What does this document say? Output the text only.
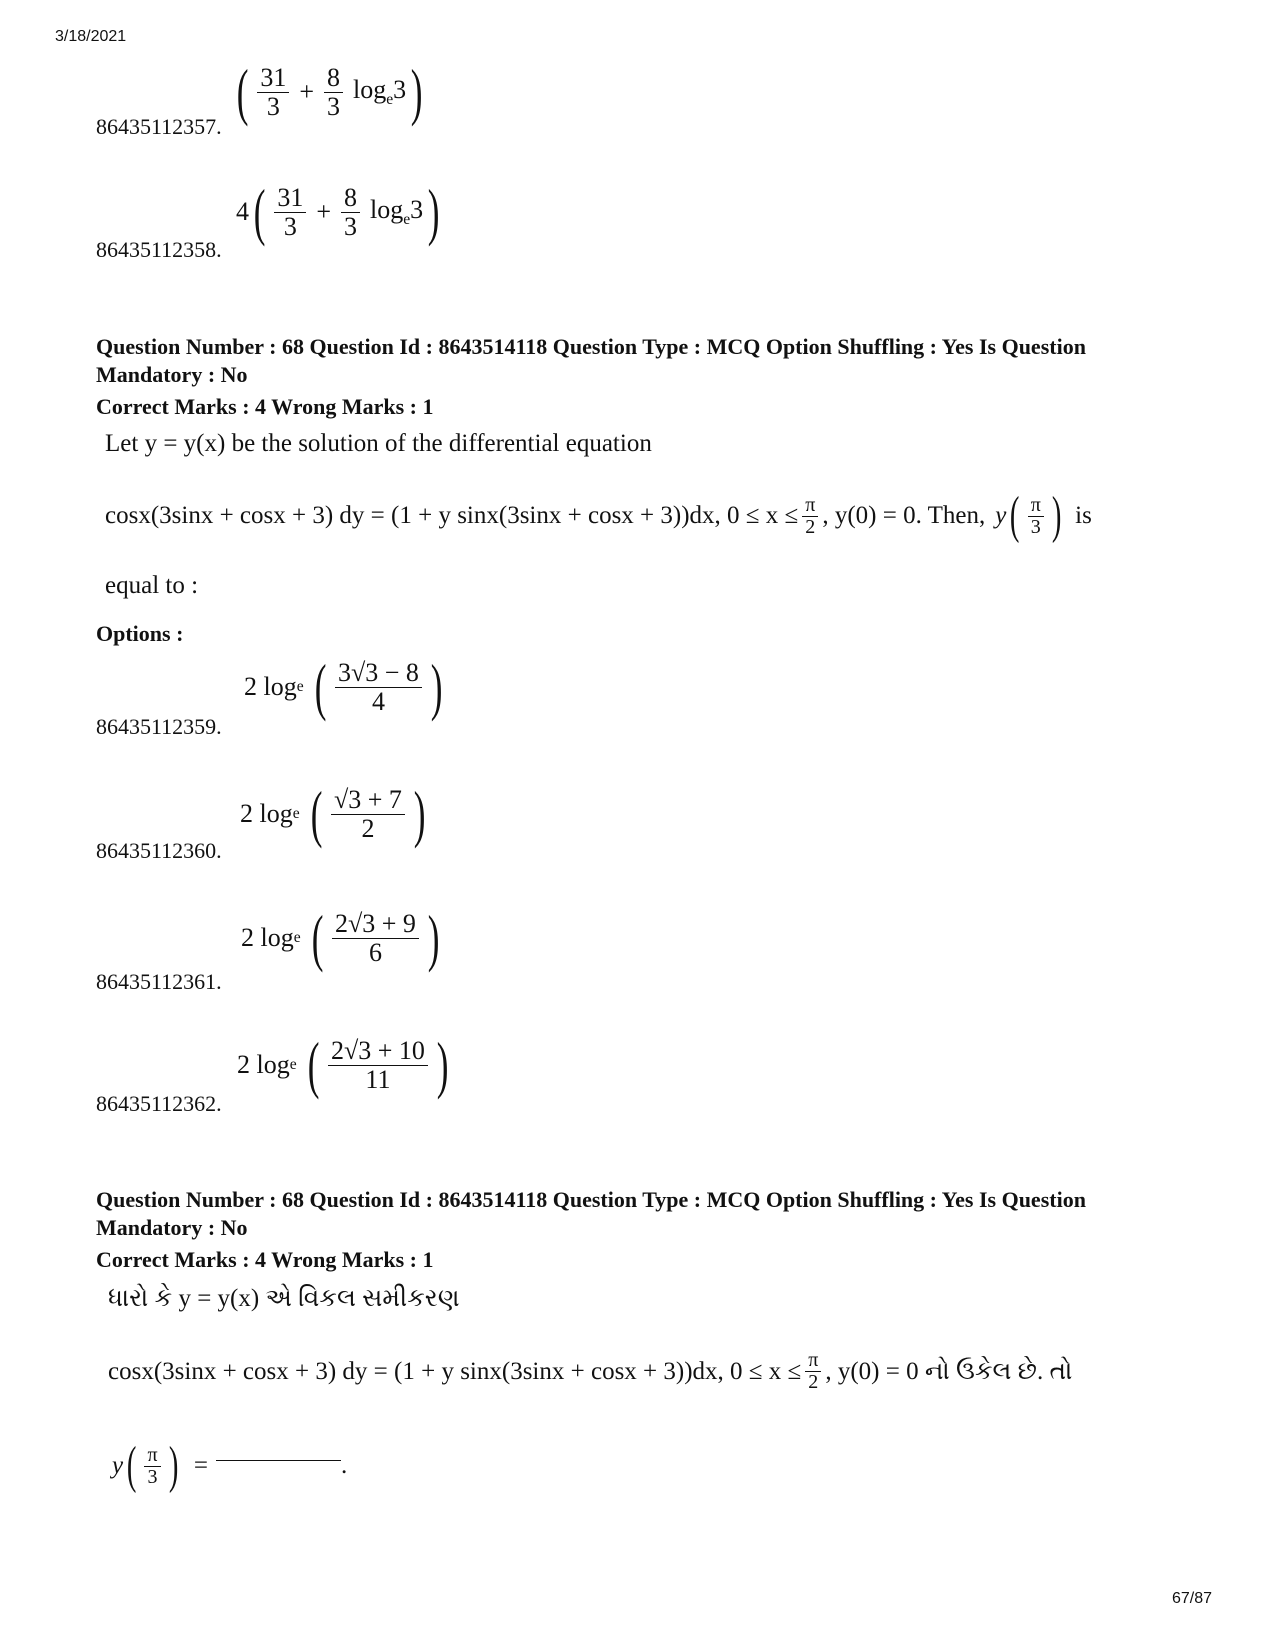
3/18/2021
86435112357. ( $\frac{31}{3} + \frac{8}{3} \log_e3$ )
86435112358.
4 ( $\frac{31}{3} + \frac{8}{3} \log_e3$ )
Question Number : 68 Question Id : 8643514118 Question Type : MCQ Option Shuffling : Yes Is Question
Mandatory : No
Correct Marks : 4 Wrong Marks : 1
Let y = y(x) be the solution of the differential equation
cosx(3sinx + cosx + 3) dy = (1 + y sinx(3sinx + cosx + 3))dx, $0 \le x \le \frac{\pi}{2}$ , y(0) = 0. Then, y ( $\frac{\pi}{3}$ ) is
equal to :
Options :
86435112359.
2 log e ( $\frac{3√3 - 8}{4}$ )
86435112360.
2 log e ( $\frac{√3 + 7}{2}$ )
86435112361.
2 log e ( $\frac{2√3 + 9}{6}$ )
86435112362.
2 log e ( $\frac{2√3 + 10}{11}$ )
Question Number : 68 Question Id : 8643514118 Question Type : MCQ Option Shuffling : Yes Is Question
Mandatory : No
Correct Marks : 4 Wrong Marks : 1
ધારો કે y = y(x) એ વિકલ સમીકરણ
cosx(3sinx + cosx + 3) dy = (1 + y sinx(3sinx + cosx + 3))dx, $0 \le x \le \frac{\pi}{2}$ , y(0) = 0 નો ઉકેલ છે. તો
y ( $\frac{\pi}{3}$ ) =	.
67/87
